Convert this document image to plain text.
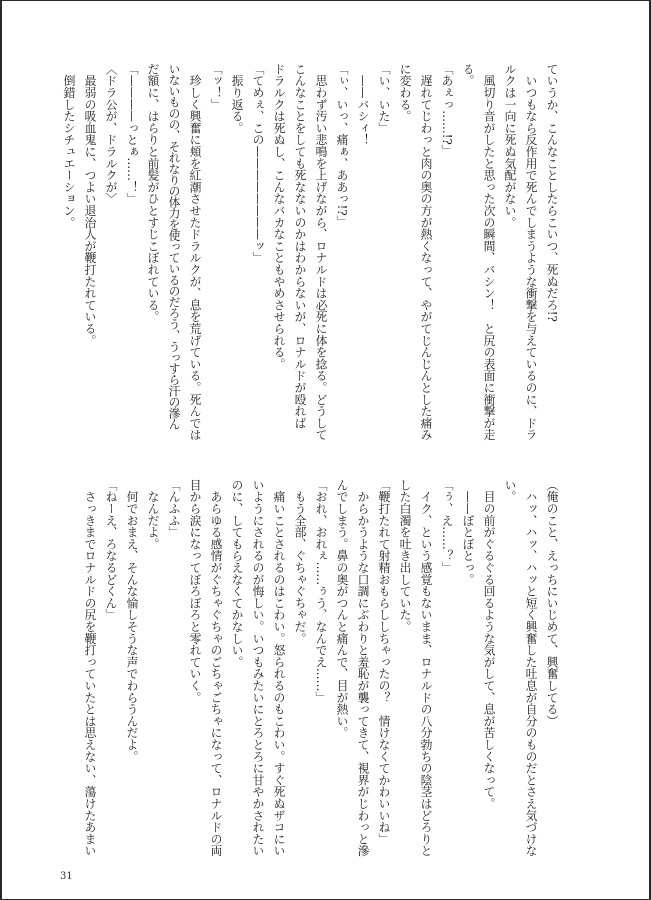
ていうか、こんなことしたらこいつ、死ぬだろ!?
　いつもなら反作用で死んでしまうような衝撃を与えているのに、ドラ
ルクは一向に死ぬ気配がない。
　風切り音がしたと思った次の瞬間、バシン！　と尻の表面に衝撃が走
る。
「あぇっ……!?」
　遅れてじわっと肉の奥の方が熱くなって、やがてじんじんとした痛み
に変わる。
「い、いた」
　——バシィ！
「ぃ、いっ、痛ぁ、ああっ!?」
　思わず汚い悲鳴を上げながら、ロナルドは必死に体を捻る。どうして
こんなことをしても死なないのかはわからないが、ロナルドが殴れば
ドラルクは死ぬし、こんなバカなこともやめさせられる。
「てめぇ、この————————ッ」
　振り返る。
「ッ！」
　珍しく興奮に頬を紅潮させたドラルクが、息を荒げている。死んでは
いないものの、それなりの体力を使っているのだろう、うっすら汗の滲ん
だ額に、はらりと前髪がひとすじこぼれている。
「————っとぁ……！」
〈ドラ公が、ドラルクが〉
　最弱の吸血鬼に、つよい退治人が鞭打たれている。
　倒錯したシチュエーション。
（俺のこと、えっちにいじめて、興奮してる）
　ハッ、ハッ、ハッと短く興奮した吐息が自分のものだとさえ気づけな
い。
　目の前がぐるぐる回るような気がして、息が苦しくなって。
　——ぼとぼとっ。
「ぅ、え……？」
　イク、という感覚もないまま、ロナルドの八分勃ちの陰茎はどろりと
した白濁を吐き出していた。
「鞭打たれて射精おもらししちゃったの？　情けなくてかわいいね」
　からかうような口調にぶわりと羞恥が襲ってきて、視界がじわっと滲
んでしまう。鼻の奥がつんと痛んで、目が熱い。
「おれ、おれぇ……ぅう、なんでえ……」
　もう全部、ぐちゃぐちゃだ。
　痛いことされるのはこわい。怒られるのもこわい。すぐ死ぬザコにい
いようにされるのが悔しい。いつもみたいにとろとろに甘やかされたい
のに、してもらえなくてかなしい。
　あらゆる感情がぐちゃぐちゃのごちゃごちゃになって、ロナルドの両
目から涙になってぼろぼろと零れていく。
「んふふ」
　なんだよ。
　何でおまえ、そんな愉しそうな声でわらうんだよ。
「ねーえ、ろなるどくん」
　さっきまでロナルドの尻を鞭打っていたとは思えない、蕩けたあまい
31
